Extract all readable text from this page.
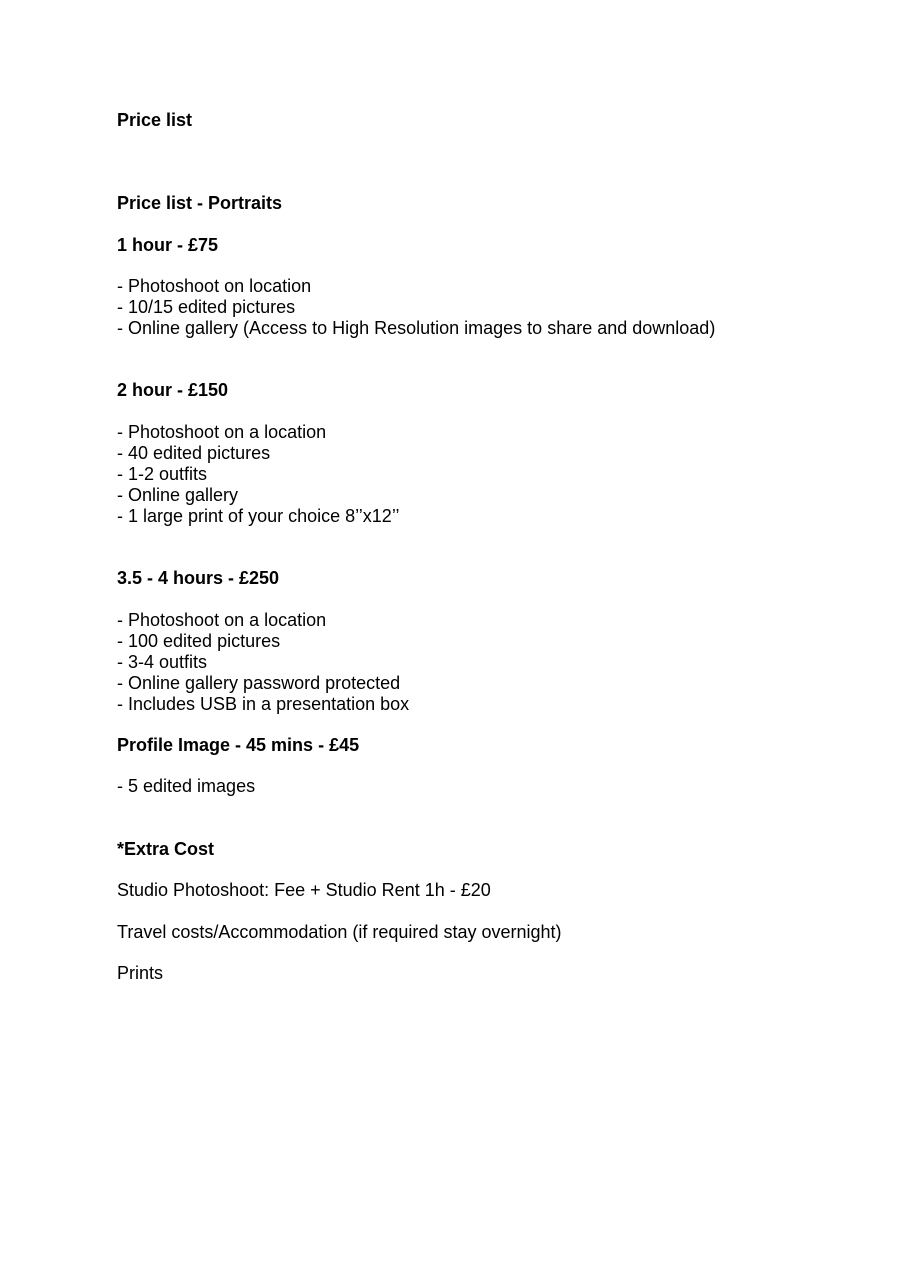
Price list
Price list - Portraits
1 hour - £75
- Photoshoot on location
- 10/15 edited pictures
- Online gallery (Access to High Resolution images to share and download)
2 hour - £150
- Photoshoot on a location
- 40 edited pictures
- 1-2 outfits
- Online gallery
- 1 large print of your choice 8’’x12’’
3.5 - 4 hours - £250
- Photoshoot on a location
- 100 edited pictures
- 3-4 outfits
- Online gallery password protected
- Includes USB in a presentation box
Profile Image - 45 mins - £45
- 5 edited images
*Extra Cost
Studio Photoshoot: Fee + Studio Rent 1h - £20
Travel costs/Accommodation (if required stay overnight)
Prints
